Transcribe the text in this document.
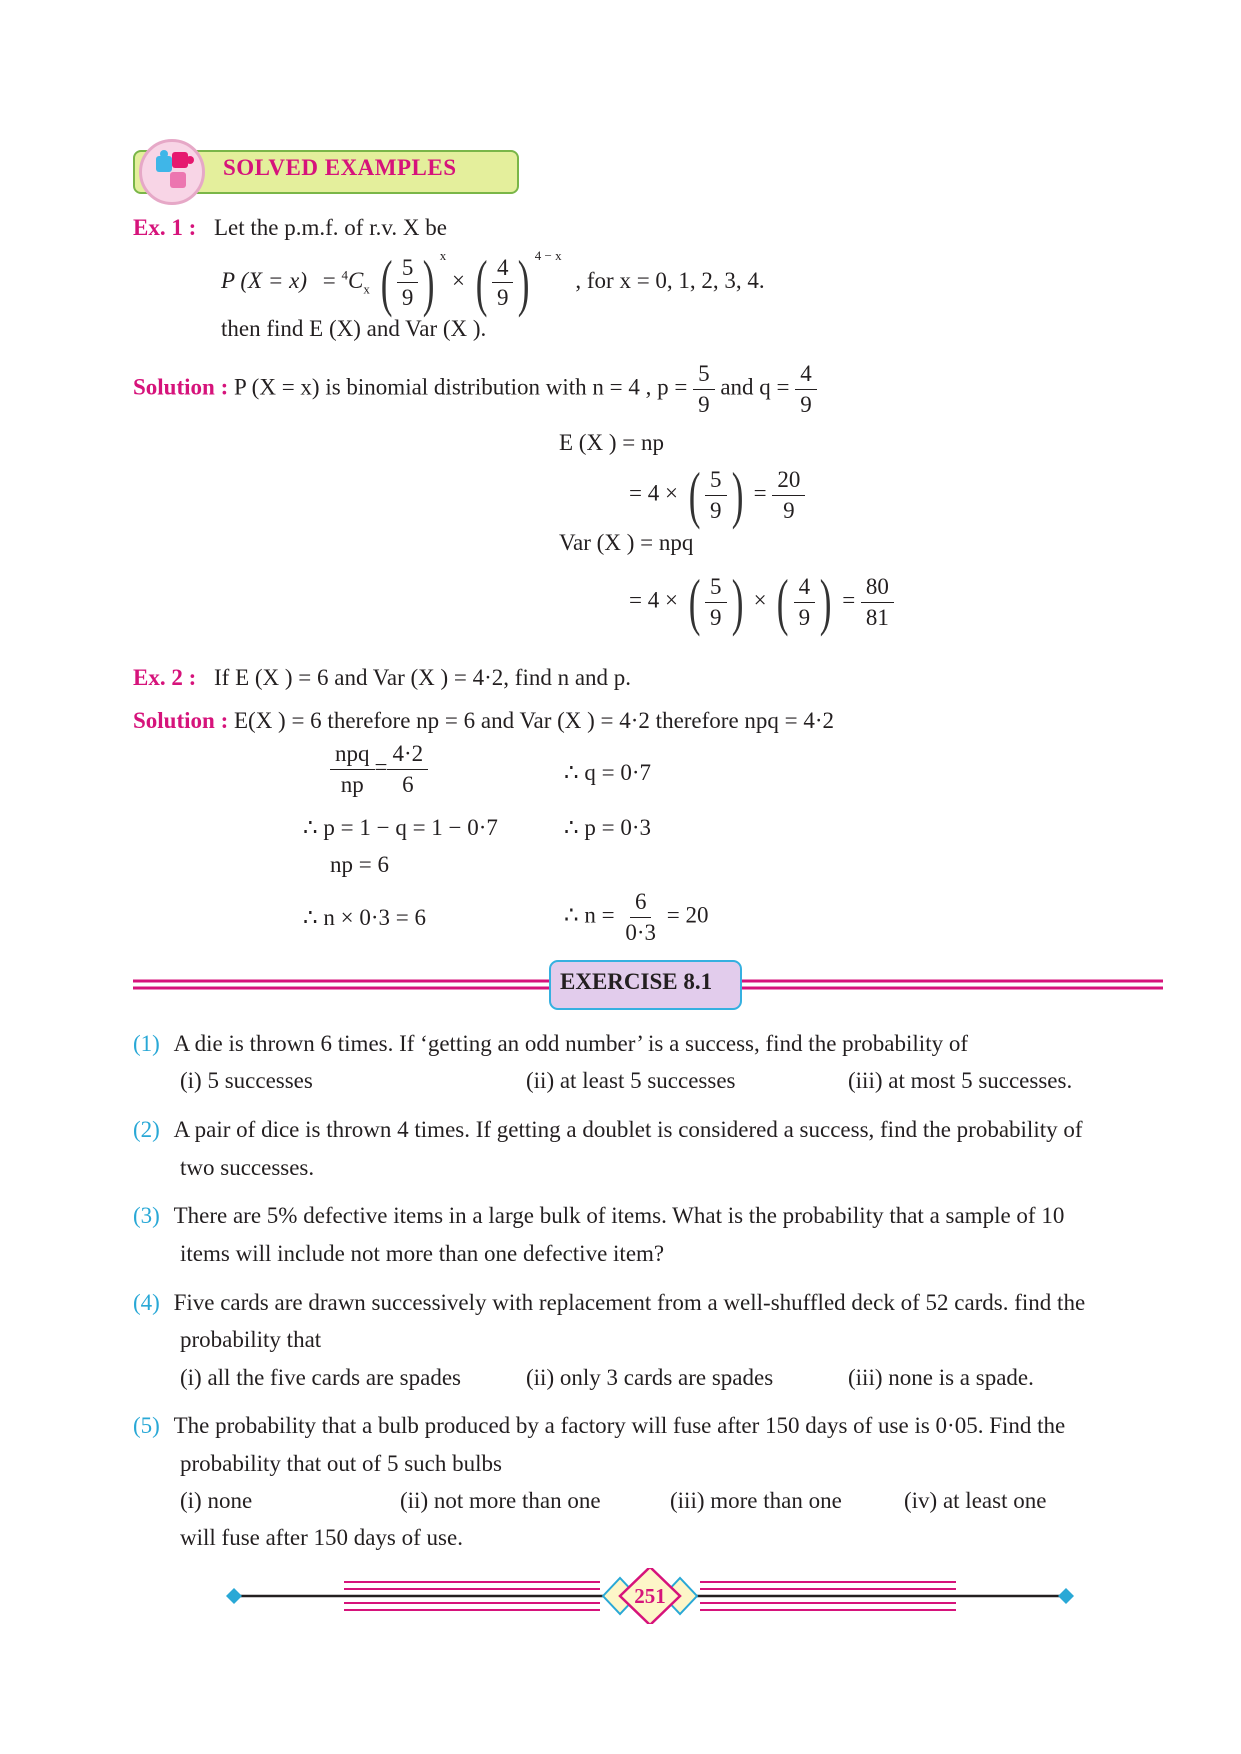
SOLVED EXAMPLES
Ex. 1 : Let the p.m.f. of r.v. X be
P $(X = x) = ^4C_x$ ( $\frac{5}{9}$ ) $^x$ × ( $\frac{4}{9}$ ) $^{4 - x}$ , for x = 0, 1, 2, 3, 4.
then find E (X) and Var (X ).
Solution : P (X = x) is binomial distribution with n = 4 , $p = \frac{5}{9}$ and $q = \frac{4}{9}$
E (X ) = np
= 4 × ( $\frac{5}{9}$ ) = $\frac{20}{9}$
Var (X ) = npq
= 4 × ( $\frac{5}{9}$ ) × ( $\frac{4}{9}$ ) = $\frac{80}{81}$
Ex. 2 : If E (X ) = 6 and Var (X ) = 4·2, find n and p.
Solution : E(X ) = 6 therefore np = 6 and Var (X ) = 4·2 therefore npq = 4·2
$\frac{\text{npq}}{np} = \frac{4\cdot 2}{6}$	∴ q = 0·7
∴ p = 1 − q = 1 − 0·7	∴ p = 0·3
np = 6
∴ n × 0·3 = 6	∴ $n = \frac{6}{0\cdot 3} = 20$
EXERCISE 8.1
(1) A die is thrown 6 times. If ‘getting an odd number’ is a success, find the probability of
(i) 5 successes	(ii) at least 5 successes	(iii) at most 5 successes.
(2) A pair of dice is thrown 4 times. If getting a doublet is considered a success, find the probability of
two successes.
(3) There are 5% defective items in a large bulk of items. What is the probability that a sample of 10
items will include not more than one defective item?
(4) Five cards are drawn successively with replacement from a well-shuffled deck of 52 cards. find the
probability that
(i) all the five cards are spades	(ii) only 3 cards are spades	(iii) none is a spade.
(5) The probability that a bulb produced by a factory will fuse after 150 days of use is 0·05. Find the
probability that out of 5 such bulbs
(i) none	(ii) not more than one	(iii) more than one	(iv) at least one
will fuse after 150 days of use.
251
